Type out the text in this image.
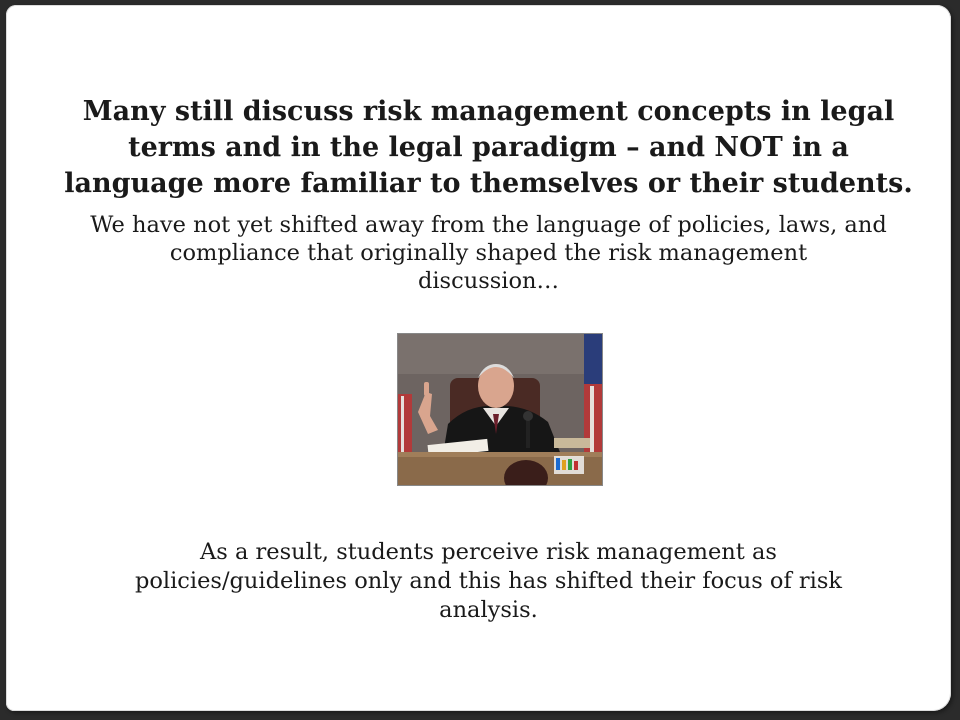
Many still discuss risk management concepts in legal
terms and in the legal paradigm – and NOT in a
language more familiar to themselves or their students.
We have not yet shifted away from the language of policies, laws, and
compliance that originally shaped the risk management
discussion…
As a result, students perceive risk management as
policies/guidelines only and this has shifted their focus of risk
analysis.
